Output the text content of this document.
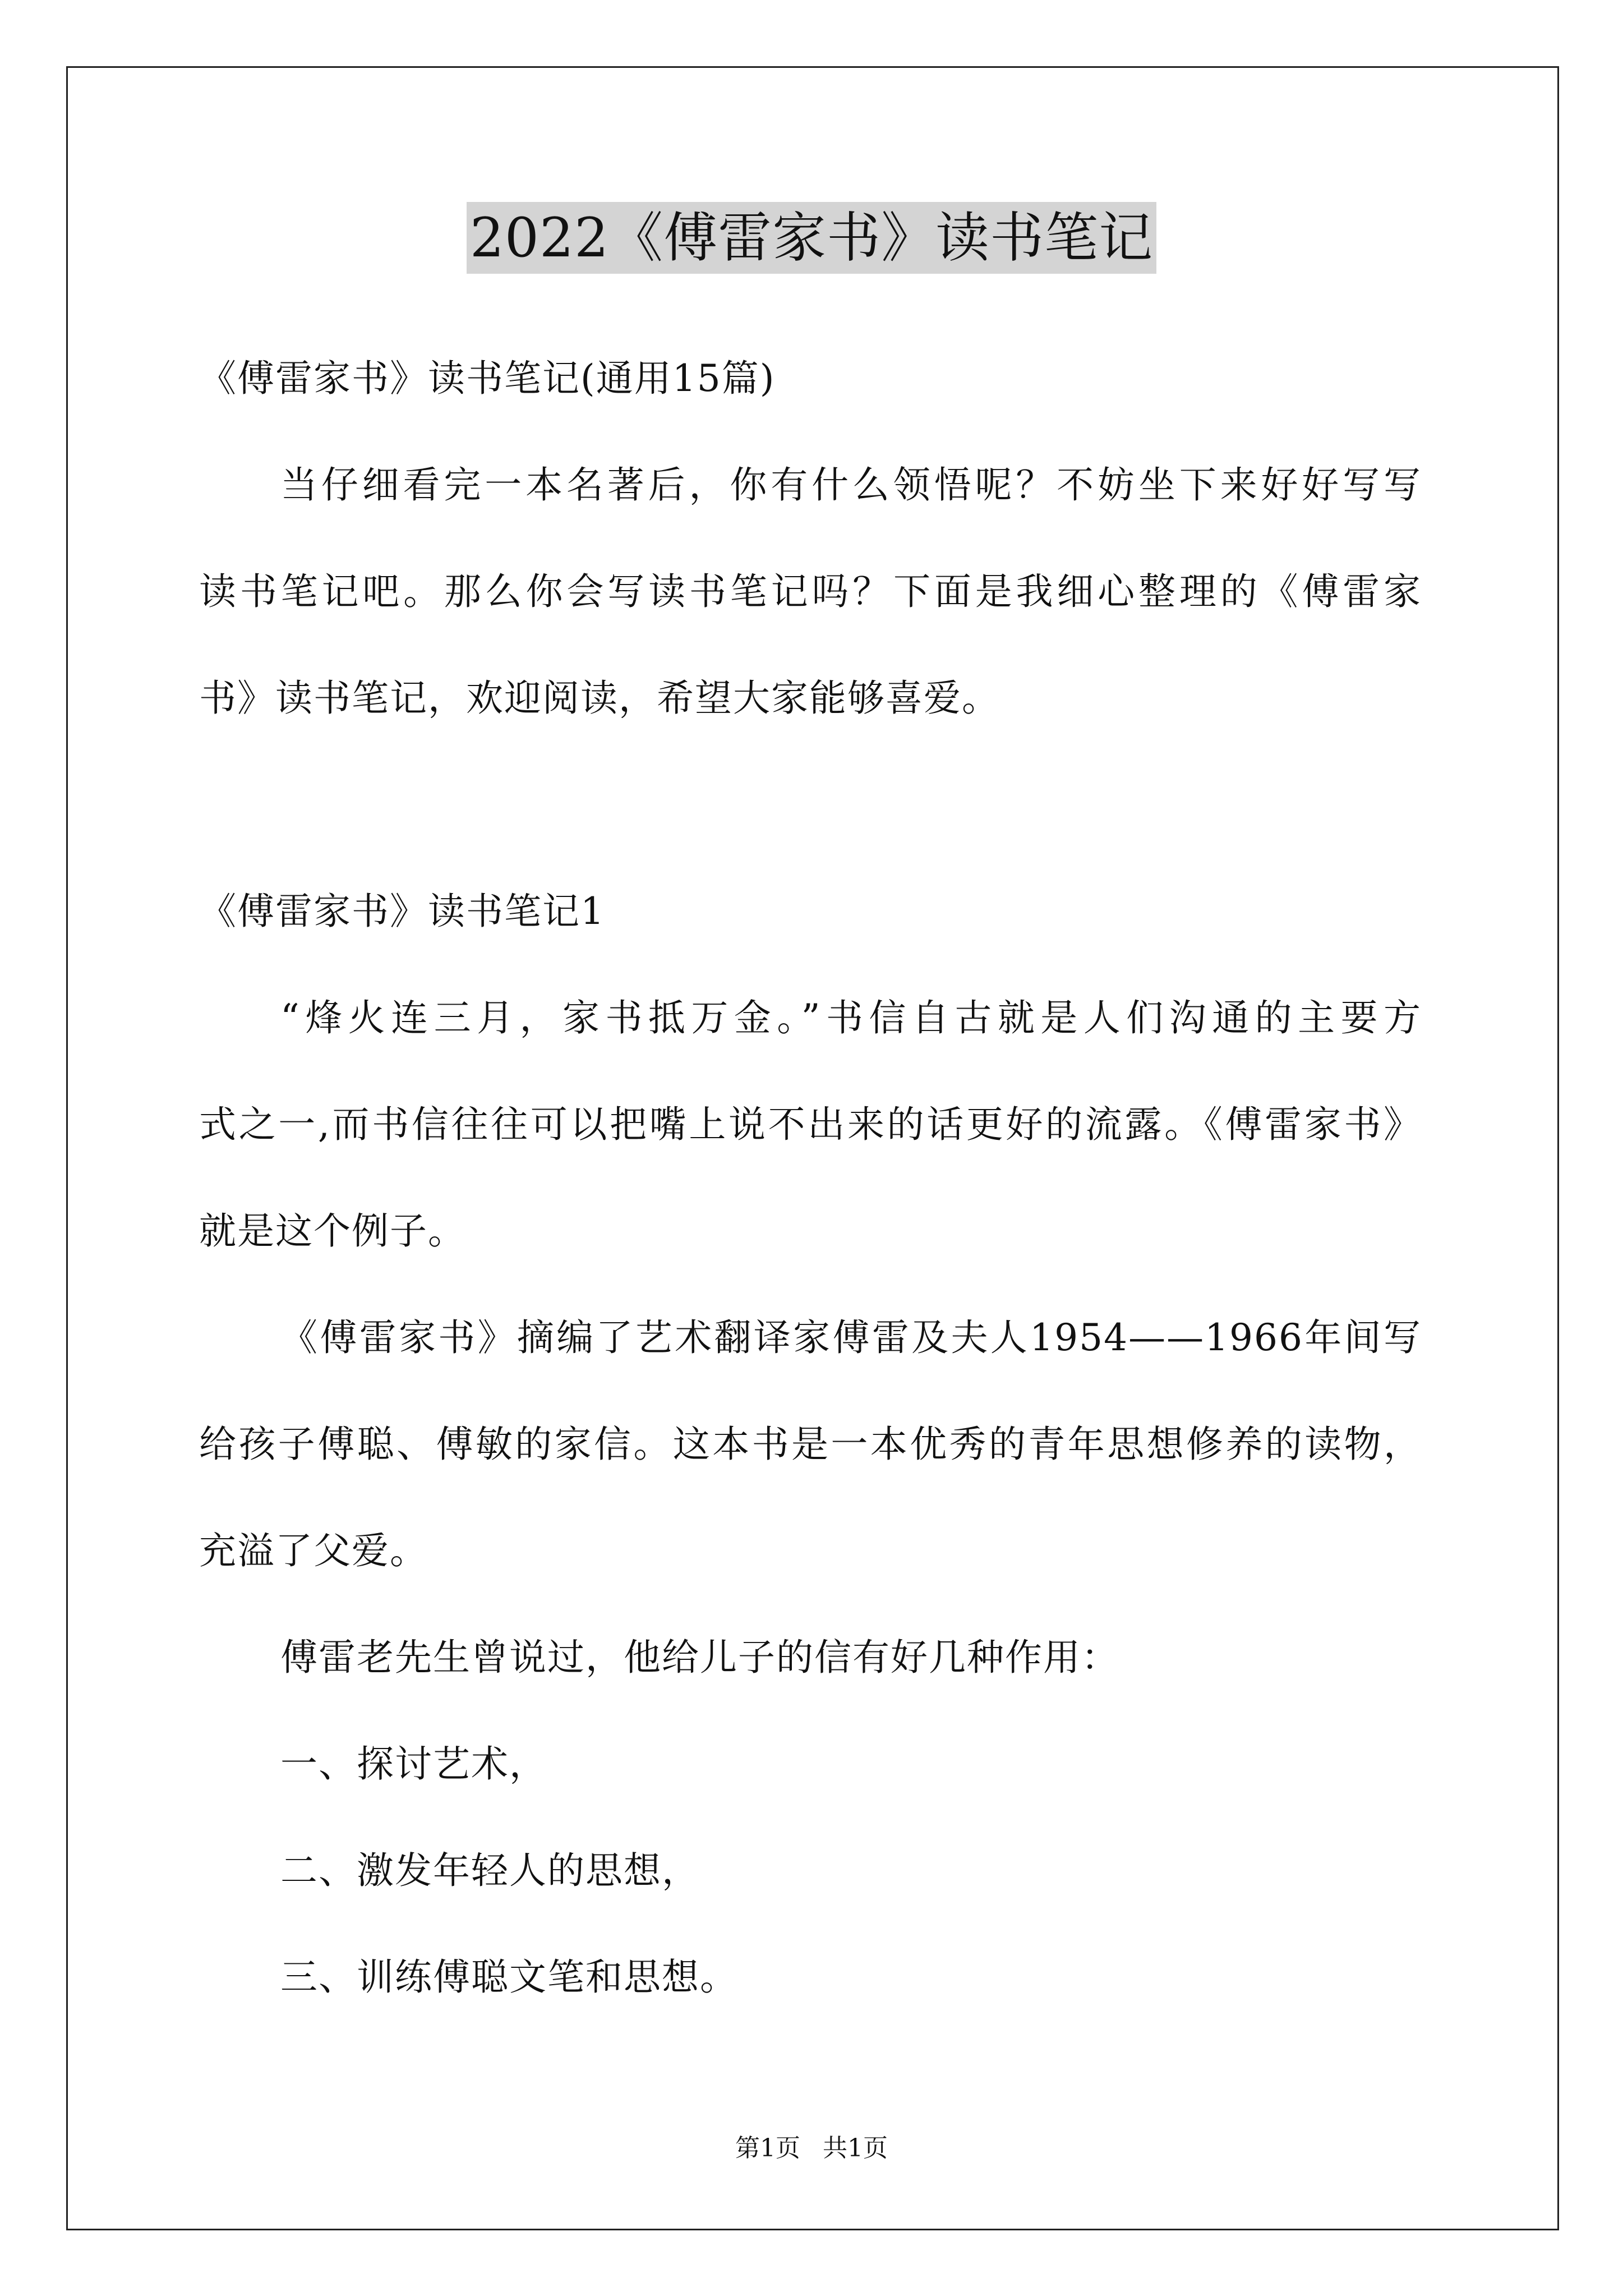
2022《傅雷家书》读书笔记
《傅雷家书》读书笔记(通用15篇)
当仔细看完一本名著后，你有什么领悟呢？不妨坐下来好好写写
读书笔记吧。那么你会写读书笔记吗？下面是我细心整理的《傅雷家
书》读书笔记，欢迎阅读，希望大家能够喜爱。
《傅雷家书》读书笔记1
“烽火连三月，家书抵万金。”书信自古就是人们沟通的主要方
式之一,而书信往往可以把嘴上说不出来的话更好的流露。《傅雷家书》
就是这个例子。
《傅雷家书》摘编了艺术翻译家傅雷及夫人1954——1966年间写
给孩子傅聪、傅敏的家信。这本书是一本优秀的青年思想修养的读物，
充溢了父爱。
傅雷老先生曾说过，他给儿子的信有好几种作用：
一、探讨艺术，
二、激发年轻人的思想，
三、训练傅聪文笔和思想。
第1页 共1页
